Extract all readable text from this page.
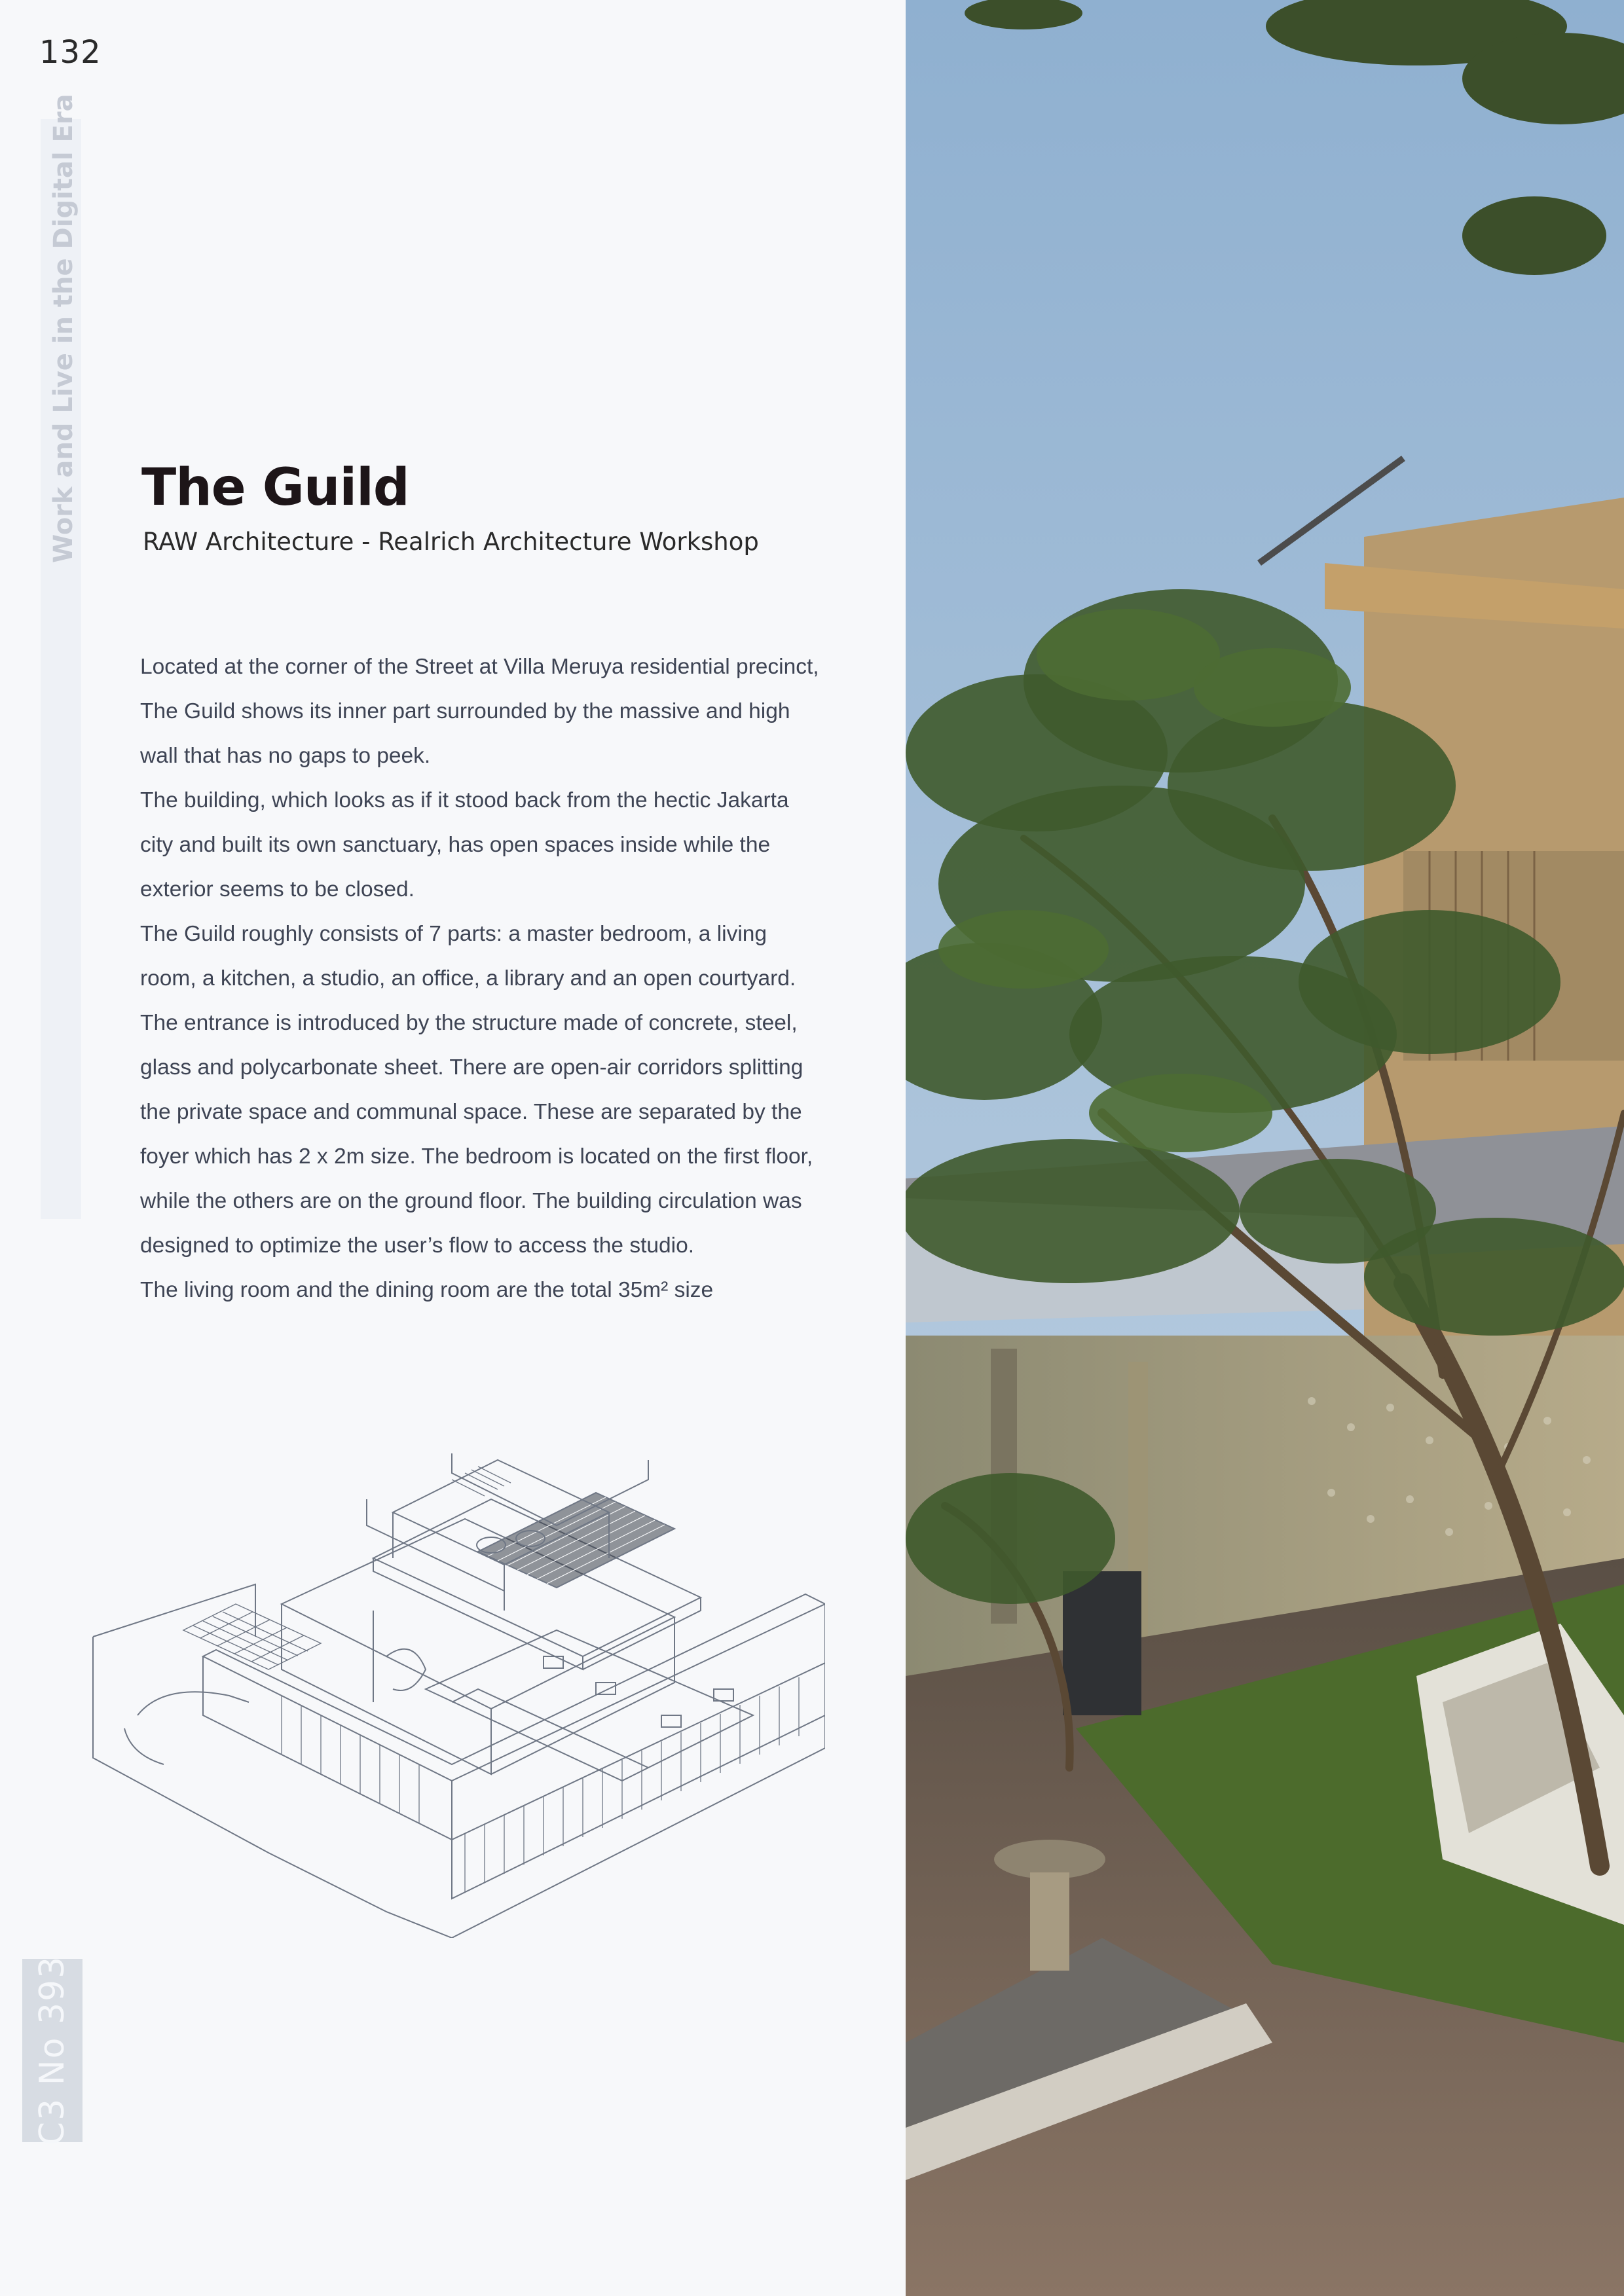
132
Work and Live in the Digital Era The Guild

RAW Architecture - Realrich Architecture Workshop

Located at the corner of the Street at Villa Meruya residential precinct, The Guild shows its inner part surrounded by the massive and high wall that has no gaps to peek.
The building, which looks as if it stood back from the hectic Jakarta city and built its own sanctuary, has open spaces inside while the exterior seems to be closed.
The Guild roughly consists of 7 parts: a master bedroom, a living room, a kitchen, a studio, an office, a library and an open courtyard. The entrance is introduced by the structure made of concrete, steel, glass and polycarbonate sheet. There are open-air corridors splitting the private space and communal space. These are separated by the foyer which has 2 x 2m size. The bedroom is located on the first floor, while the others are on the ground floor. The building circulation was designed to optimize the user’s flow to access the studio.
The living room and the dining room are the total 35m² size

C3 No 393
